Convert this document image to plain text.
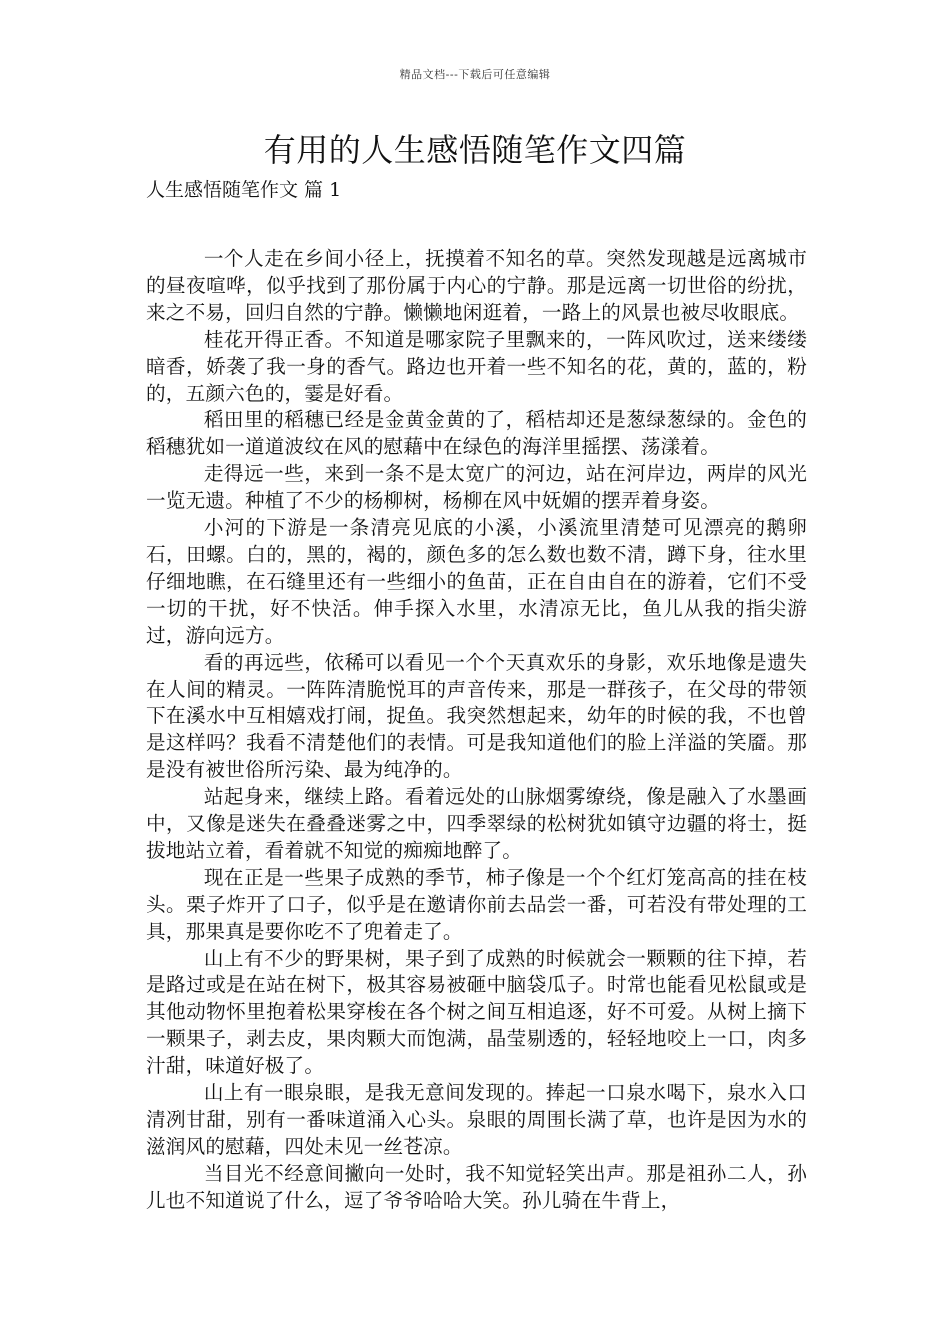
精品文档---下载后可任意编辑
有用的人生感悟随笔作文四篇
人生感悟随笔作文 篇 1

一个人走在乡间小径上，抚摸着不知名的草。突然发现越是远离城市的昼夜喧哗，似乎找到了那份属于内心的宁静。那是远离一切世俗的纷扰，来之不易，回归自然的宁静。懒懒地闲逛着，一路上的风景也被尽收眼底。

桂花开得正香。不知道是哪家院子里飘来的，一阵风吹过，送来缕缕暗香，娇袭了我一身的香气。路边也开着一些不知名的花，黄的，蓝的，粉的，五颜六色的，霎是好看。

稻田里的稻穗已经是金黄金黄的了，稻桔却还是葱绿葱绿的。金色的稻穗犹如一道道波纹在风的慰藉中在绿色的海洋里摇摆、荡漾着。

走得远一些，来到一条不是太宽广的河边，站在河岸边，两岸的风光一览无遗。种植了不少的杨柳树，杨柳在风中妩媚的摆弄着身姿。

小河的下游是一条清亮见底的小溪，小溪流里清楚可见漂亮的鹅卵石，田螺。白的，黑的，褐的，颜色多的怎么数也数不清，蹲下身，往水里仔细地瞧，在石缝里还有一些细小的鱼苗，正在自由自在的游着，它们不受一切的干扰，好不快活。伸手探入水里，水清凉无比，鱼儿从我的指尖游过，游向远方。

看的再远些，依稀可以看见一个个天真欢乐的身影，欢乐地像是遗失在人间的精灵。一阵阵清脆悦耳的声音传来，那是一群孩子，在父母的带领下在溪水中互相嬉戏打闹，捉鱼。我突然想起来，幼年的时候的我，不也曾是这样吗？我看不清楚他们的表情。可是我知道他们的脸上洋溢的笑靥。那是没有被世俗所污染、最为纯净的。

站起身来，继续上路。看着远处的山脉烟雾缭绕，像是融入了水墨画中，又像是迷失在叠叠迷雾之中，四季翠绿的松树犹如镇守边疆的将士，挺拔地站立着，看着就不知觉的痴痴地醉了。

现在正是一些果子成熟的季节，柿子像是一个个红灯笼高高的挂在枝头。栗子炸开了口子，似乎是在邀请你前去品尝一番，可若没有带处理的工具，那果真是要你吃不了兜着走了。

山上有不少的野果树，果子到了成熟的时候就会一颗颗的往下掉，若是路过或是在站在树下，极其容易被砸中脑袋瓜子。时常也能看见松鼠或是其他动物怀里抱着松果穿梭在各个树之间互相追逐，好不可爱。从树上摘下一颗果子，剥去皮，果肉颗大而饱满，晶莹剔透的，轻轻地咬上一口，肉多汁甜，味道好极了。

山上有一眼泉眼，是我无意间发现的。捧起一口泉水喝下，泉水入口清冽甘甜，别有一番味道涌入心头。泉眼的周围长满了草，也许是因为水的滋润风的慰藉，四处未见一丝苍凉。

当目光不经意间撇向一处时，我不知觉轻笑出声。那是祖孙二人，孙儿也不知道说了什么，逗了爷爷哈哈大笑。孙儿骑在牛背上，
